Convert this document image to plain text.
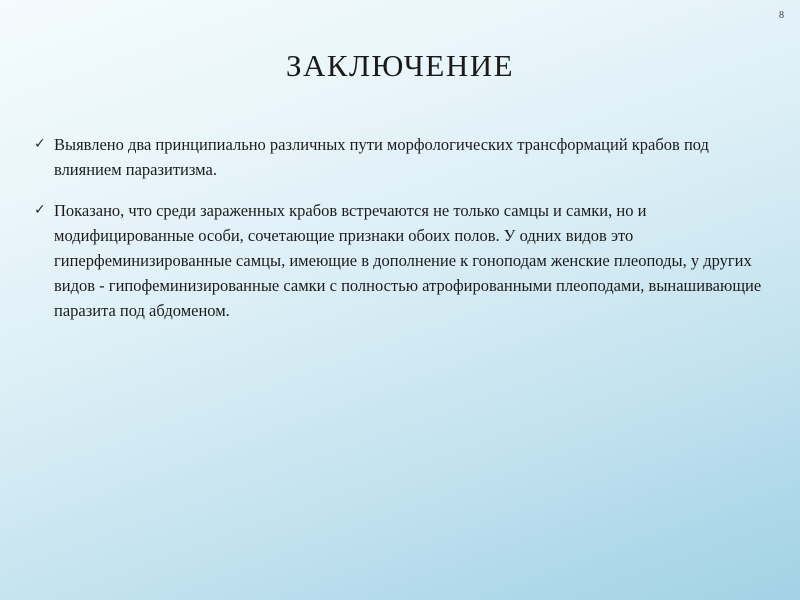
8
ЗАКЛЮЧЕНИЕ
✓ Выявлено два принципиально различных пути морфологических трансформаций крабов под влиянием паразитизма.
✓ Показано, что среди зараженных крабов встречаются не только самцы и самки, но и модифицированные особи, сочетающие признаки обоих полов. У одних видов это гиперфеминизированные самцы, имеющие в дополнение к гоноподам женские плеоподы, у других видов - гипофеминизированные самки с полностью атрофированными плеоподами, вынашивающие паразита под абдоменом.
